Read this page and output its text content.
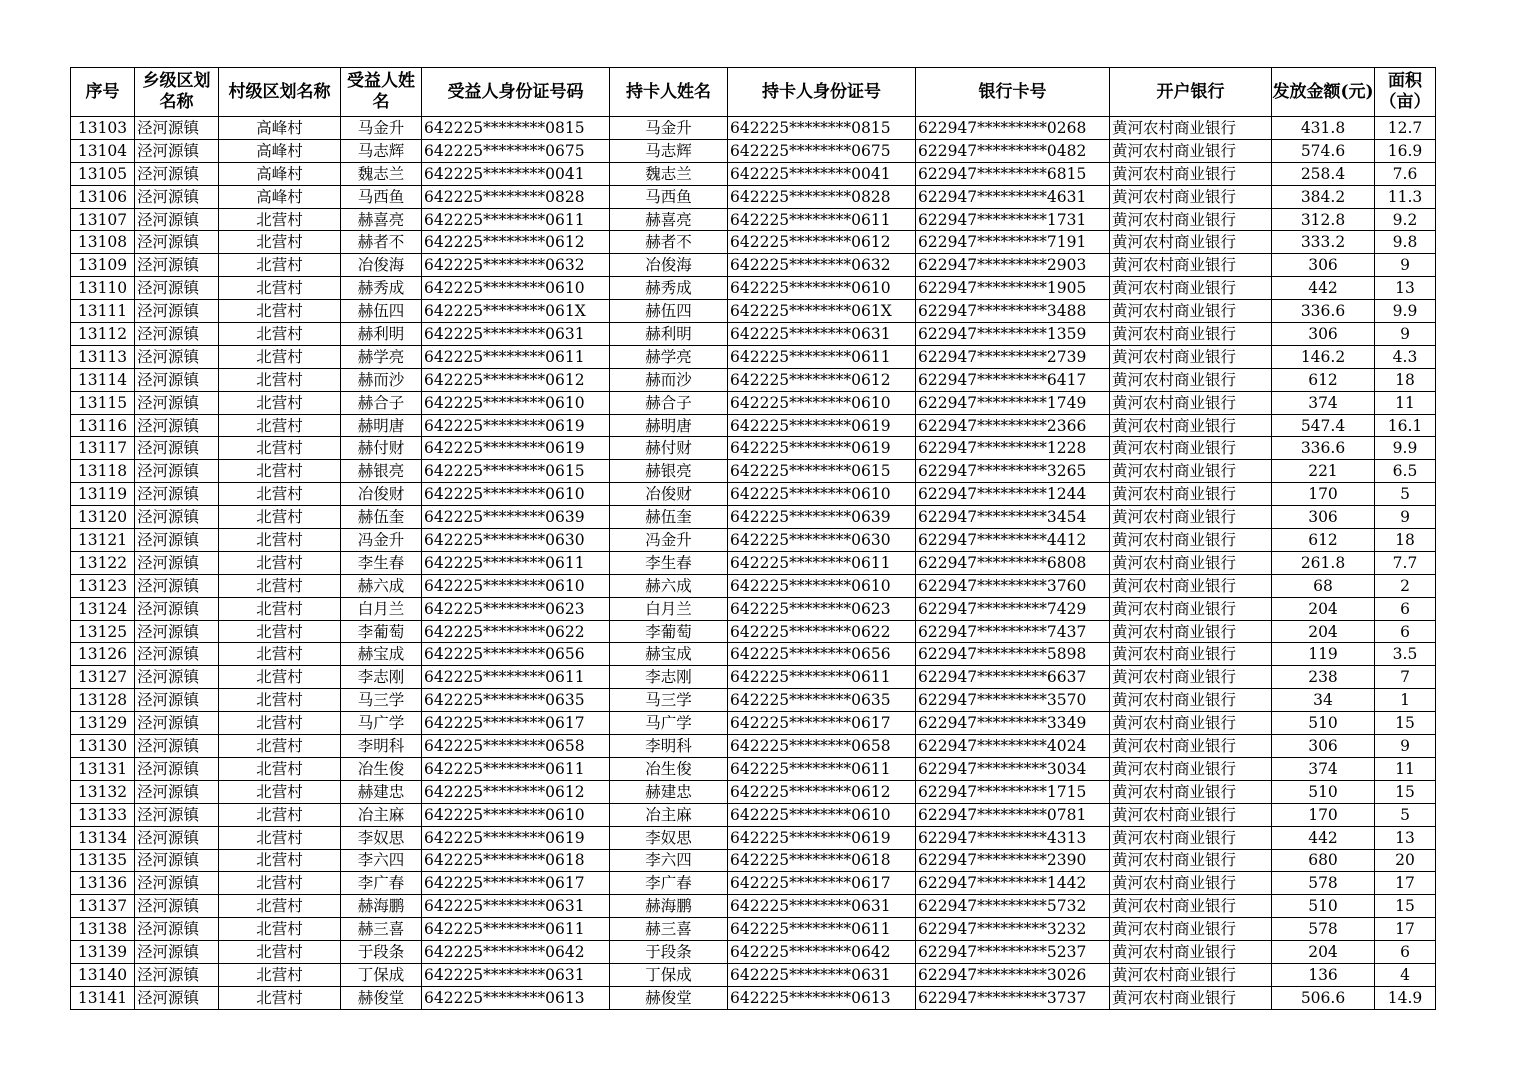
序号	乡级区划名称	村级区划名称	受益人姓名	受益人身份证号码	持卡人姓名	持卡人身份证号	银行卡号	开户银行	发放金额(元)	面积（亩）
13103	泾河源镇	高峰村	马金升	642225********0815	马金升	642225********0815	622947*********0268	黄河农村商业银行	431.8	12.7
13104	泾河源镇	高峰村	马志辉	642225********0675	马志辉	642225********0675	622947*********0482	黄河农村商业银行	574.6	16.9
13105	泾河源镇	高峰村	魏志兰	642225********0041	魏志兰	642225********0041	622947*********6815	黄河农村商业银行	258.4	7.6
13106	泾河源镇	高峰村	马西鱼	642225********0828	马西鱼	642225********0828	622947*********4631	黄河农村商业银行	384.2	11.3
13107	泾河源镇	北营村	赫喜亮	642225********0611	赫喜亮	642225********0611	622947*********1731	黄河农村商业银行	312.8	9.2
13108	泾河源镇	北营村	赫者不	642225********0612	赫者不	642225********0612	622947*********7191	黄河农村商业银行	333.2	9.8
13109	泾河源镇	北营村	冶俊海	642225********0632	冶俊海	642225********0632	622947*********2903	黄河农村商业银行	306	9
13110	泾河源镇	北营村	赫秀成	642225********0610	赫秀成	642225********0610	622947*********1905	黄河农村商业银行	442	13
13111	泾河源镇	北营村	赫伍四	642225********061X	赫伍四	642225********061X	622947*********3488	黄河农村商业银行	336.6	9.9
13112	泾河源镇	北营村	赫利明	642225********0631	赫利明	642225********0631	622947*********1359	黄河农村商业银行	306	9
13113	泾河源镇	北营村	赫学亮	642225********0611	赫学亮	642225********0611	622947*********2739	黄河农村商业银行	146.2	4.3
13114	泾河源镇	北营村	赫而沙	642225********0612	赫而沙	642225********0612	622947*********6417	黄河农村商业银行	612	18
13115	泾河源镇	北营村	赫合子	642225********0610	赫合子	642225********0610	622947*********1749	黄河农村商业银行	374	11
13116	泾河源镇	北营村	赫明唐	642225********0619	赫明唐	642225********0619	622947*********2366	黄河农村商业银行	547.4	16.1
13117	泾河源镇	北营村	赫付财	642225********0619	赫付财	642225********0619	622947*********1228	黄河农村商业银行	336.6	9.9
13118	泾河源镇	北营村	赫银亮	642225********0615	赫银亮	642225********0615	622947*********3265	黄河农村商业银行	221	6.5
13119	泾河源镇	北营村	冶俊财	642225********0610	冶俊财	642225********0610	622947*********1244	黄河农村商业银行	170	5
13120	泾河源镇	北营村	赫伍奎	642225********0639	赫伍奎	642225********0639	622947*********3454	黄河农村商业银行	306	9
13121	泾河源镇	北营村	冯金升	642225********0630	冯金升	642225********0630	622947*********4412	黄河农村商业银行	612	18
13122	泾河源镇	北营村	李生春	642225********0611	李生春	642225********0611	622947*********6808	黄河农村商业银行	261.8	7.7
13123	泾河源镇	北营村	赫六成	642225********0610	赫六成	642225********0610	622947*********3760	黄河农村商业银行	68	2
13124	泾河源镇	北营村	白月兰	642225********0623	白月兰	642225********0623	622947*********7429	黄河农村商业银行	204	6
13125	泾河源镇	北营村	李葡萄	642225********0622	李葡萄	642225********0622	622947*********7437	黄河农村商业银行	204	6
13126	泾河源镇	北营村	赫宝成	642225********0656	赫宝成	642225********0656	622947*********5898	黄河农村商业银行	119	3.5
13127	泾河源镇	北营村	李志刚	642225********0611	李志刚	642225********0611	622947*********6637	黄河农村商业银行	238	7
13128	泾河源镇	北营村	马三学	642225********0635	马三学	642225********0635	622947*********3570	黄河农村商业银行	34	1
13129	泾河源镇	北营村	马广学	642225********0617	马广学	642225********0617	622947*********3349	黄河农村商业银行	510	15
13130	泾河源镇	北营村	李明科	642225********0658	李明科	642225********0658	622947*********4024	黄河农村商业银行	306	9
13131	泾河源镇	北营村	冶生俊	642225********0611	冶生俊	642225********0611	622947*********3034	黄河农村商业银行	374	11
13132	泾河源镇	北营村	赫建忠	642225********0612	赫建忠	642225********0612	622947*********1715	黄河农村商业银行	510	15
13133	泾河源镇	北营村	冶主麻	642225********0610	冶主麻	642225********0610	622947*********0781	黄河农村商业银行	170	5
13134	泾河源镇	北营村	李奴思	642225********0619	李奴思	642225********0619	622947*********4313	黄河农村商业银行	442	13
13135	泾河源镇	北营村	李六四	642225********0618	李六四	642225********0618	622947*********2390	黄河农村商业银行	680	20
13136	泾河源镇	北营村	李广春	642225********0617	李广春	642225********0617	622947*********1442	黄河农村商业银行	578	17
13137	泾河源镇	北营村	赫海鹏	642225********0631	赫海鹏	642225********0631	622947*********5732	黄河农村商业银行	510	15
13138	泾河源镇	北营村	赫三喜	642225********0611	赫三喜	642225********0611	622947*********3232	黄河农村商业银行	578	17
13139	泾河源镇	北营村	于段条	642225********0642	于段条	642225********0642	622947*********5237	黄河农村商业银行	204	6
13140	泾河源镇	北营村	丁保成	642225********0631	丁保成	642225********0631	622947*********3026	黄河农村商业银行	136	4
13141	泾河源镇	北营村	赫俊堂	642225********0613	赫俊堂	642225********0613	622947*********3737	黄河农村商业银行	506.6	14.9
